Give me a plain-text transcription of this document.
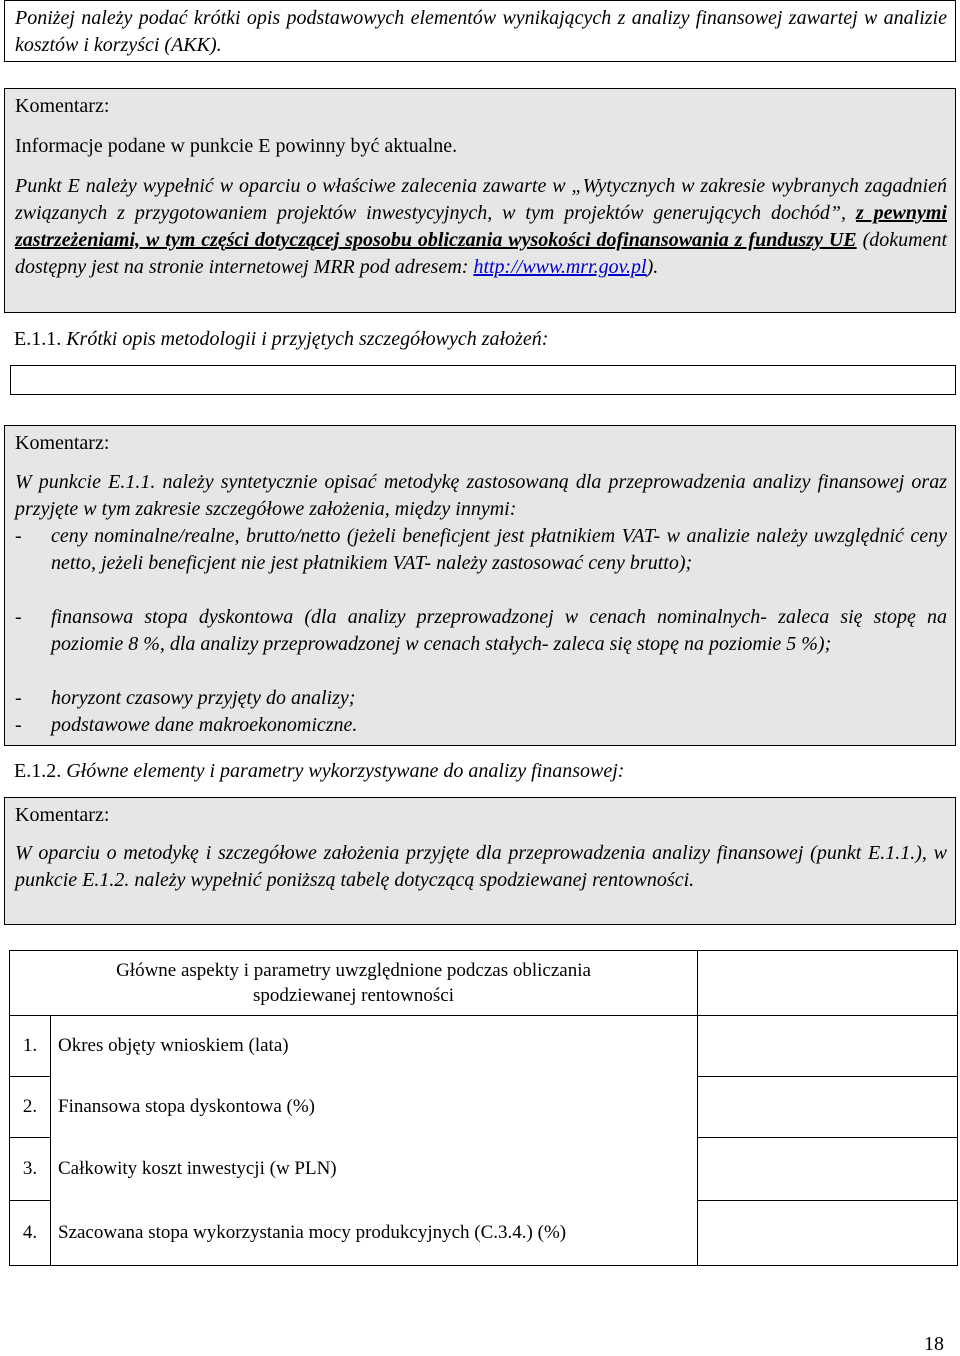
Poniżej należy podać krótki opis podstawowych elementów wynikających z analizy finansowej zawartej w analizie kosztów i korzyści (AKK).

Komentarz:
Informacje podane w punkcie E powinny być aktualne.

Punkt E należy wypełnić w oparciu o właściwe zalecenia zawarte w „Wytycznych w zakresie wybranych zagadnień związanych z przygotowaniem projektów inwestycyjnych, w tym projektów generujących dochód”, z pewnymi zastrzeżeniami, w tym części dotyczącej sposobu obliczania wysokości dofinansowania z funduszy UE (dokument dostępny jest na stronie internetowej MRR pod adresem: http://www.mrr.gov.pl).

E.1.1. Krótki opis metodologii i przyjętych szczegółowych założeń:
Komentarz:

W punkcie E.1.1. należy syntetycznie opisać metodykę zastosowaną dla przeprowadzenia analizy finansowej oraz przyjęte w tym zakresie szczegółowe założenia, między innymi:

- ceny nominalne/realne, brutto/netto (jeżeli beneficjent jest płatnikiem VAT- w analizie należy uwzględnić ceny netto, jeżeli beneficjent nie jest płatnikiem VAT- należy zastosować ceny brutto);
- finansowa stopa dyskontowa (dla analizy przeprowadzonej w cenach nominalnych- zaleca się stopę na poziomie 8 %, dla analizy przeprowadzonej w cenach stałych- zaleca się stopę na poziomie 5 %);
- horyzont czasowy przyjęty do analizy;
- podstawowe dane makroekonomiczne.
E.1.2. Główne elementy i parametry wykorzystywane do analizy finansowej:
Komentarz:

W oparciu o metodykę i szczegółowe założenia przyjęte dla przeprowadzenia analizy finansowej (punkt E.1.1.), w punkcie E.1.2. należy wypełnić poniższą tabelę dotyczącą spodziewanej rentowności.

Główne aspekty i parametry uwzględnione podczas obliczania
spodziewanej rentowności		

1.	Okres objęty wnioskiem (lata)	
2.	Finansowa stopa dyskontowa (%)	
3.	Całkowity koszt inwestycji (w PLN)	
4.	Szacowana stopa wykorzystania mocy produkcyjnych (C.3.4.) (%)	
18
